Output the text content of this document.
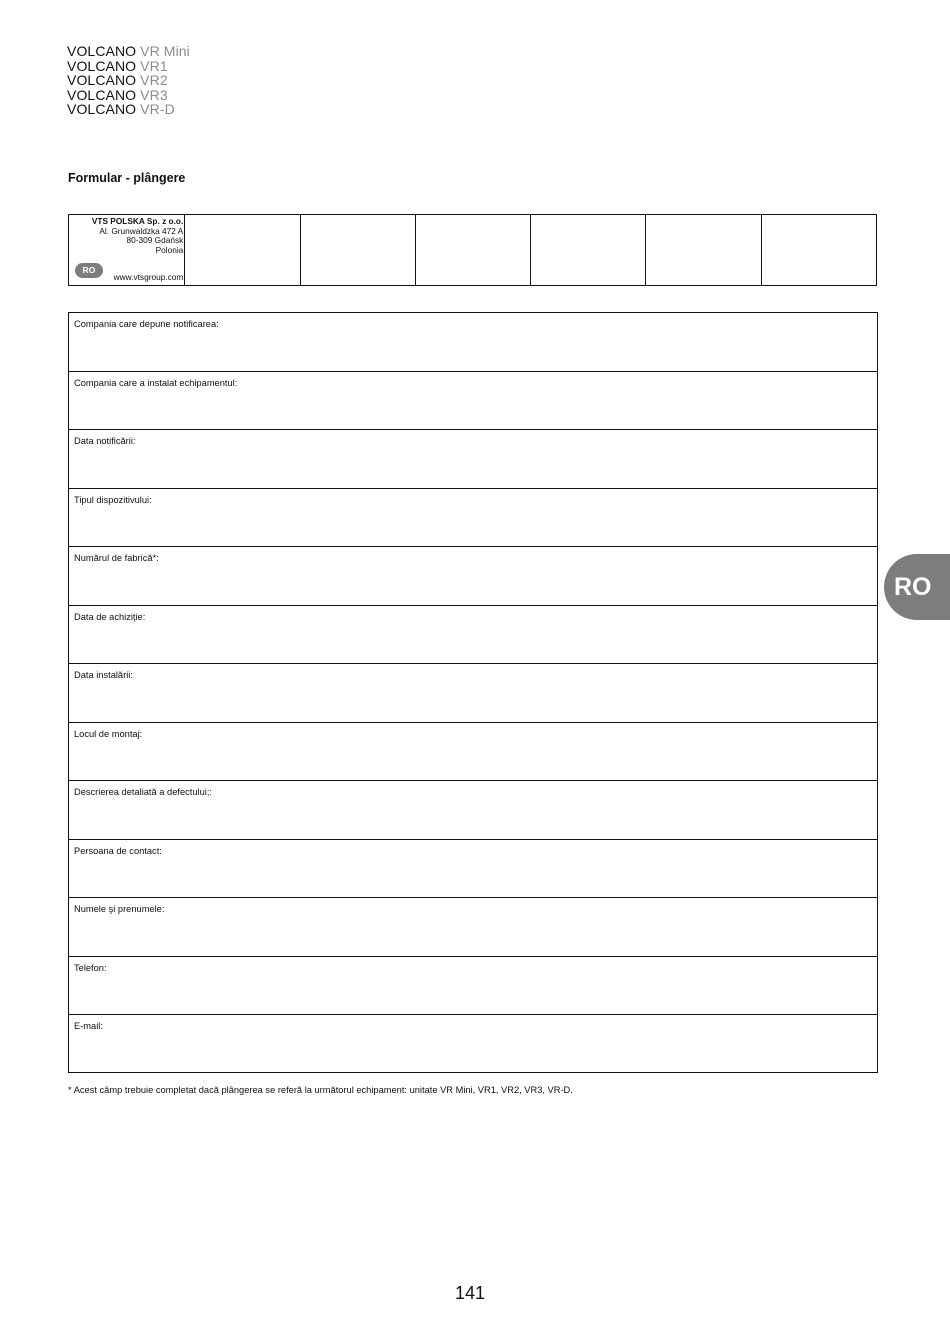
VOLCANO VR Mini
VOLCANO VR1
VOLCANO VR2
VOLCANO VR3
VOLCANO VR-D
Formular - plângere
VTS POLSKA Sp. z o.o.
Al. Grunwaldzka 472 A
80-309 Gdańsk
Polonia
RO
www.vtsgroup.com
Compania care depune notificarea:
Compania care a instalat echipamentul:
Data notificării:
Tipul dispozitivului:
Numărul de fabrică*:
Data de achiziție:
Data instalării:
Locul de montaj:
Descrierea detaliată a defectului;:
Persoana de contact:
Numele şi prenumele:
Telefon:
E-mail:
* Acest câmp trebuie completat dacă plângerea se referă la următorul echipament: unitate VR Mini, VR1, VR2, VR3, VR-D.
RO
141
